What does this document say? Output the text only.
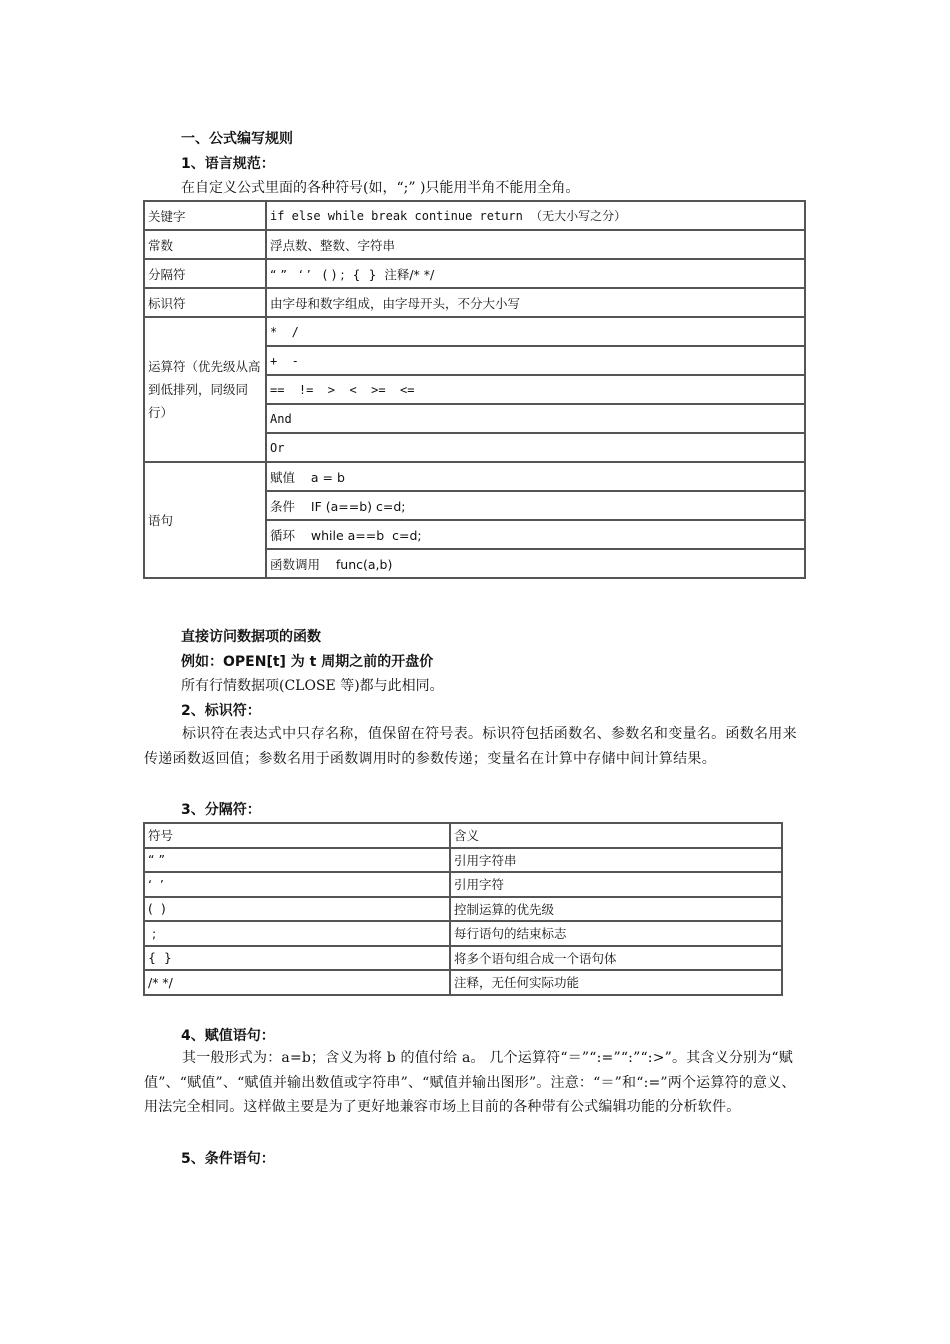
一、公式编写规则
1、语言规范：
在自定义公式里面的各种符号(如，“;” )只能用半角不能用全角。
关键字	if else while break continue return （无大小写之分）
常数	浮点数、整数、字符串
分隔符	“ ”   ‘ ’   ( ) ;  {  }  注释/* */
标识符	由字母和数字组成，由字母开头，不分大小写
运算符（优先级从高到低排列，同级同行）	*  /
	+  -
	==  !=  >  <  >=  <=
	And
	Or
语句	赋值    a = b
	条件    IF (a==b) c=d;
	循环    while a==b  c=d;
	函数调用    func(a,b)
直接访问数据项的函数
例如：OPEN[t] 为 t 周期之前的开盘价
所有行情数据项(CLOSE 等)都与此相同。
2、标识符：
标识符在表达式中只存名称，值保留在符号表。标识符包括函数名、参数名和变量名。函数名用来传递函数返回值；参数名用于函数调用时的参数传递；变量名在计算中存储中间计算结果。
3、分隔符：
符号	含义
“ ”	引用字符串
‘  ’	引用字符
(  )	控制运算的优先级
;	每行语句的结束标志
{  }	将多个语句组合成一个语句体
/* */	注释，无任何实际功能
4、赋值语句：
其一般形式为：a=b；含义为将 b 的值付给 a。 几个运算符“＝”“:=”“:”“:>”。其含义分别为“赋值”、“赋值”、“赋值并输出数值或字符串”、“赋值并输出图形”。注意：“＝”和“:=”两个运算符的意义、用法完全相同。这样做主要是为了更好地兼容市场上目前的各种带有公式编辑功能的分析软件。
5、条件语句：
